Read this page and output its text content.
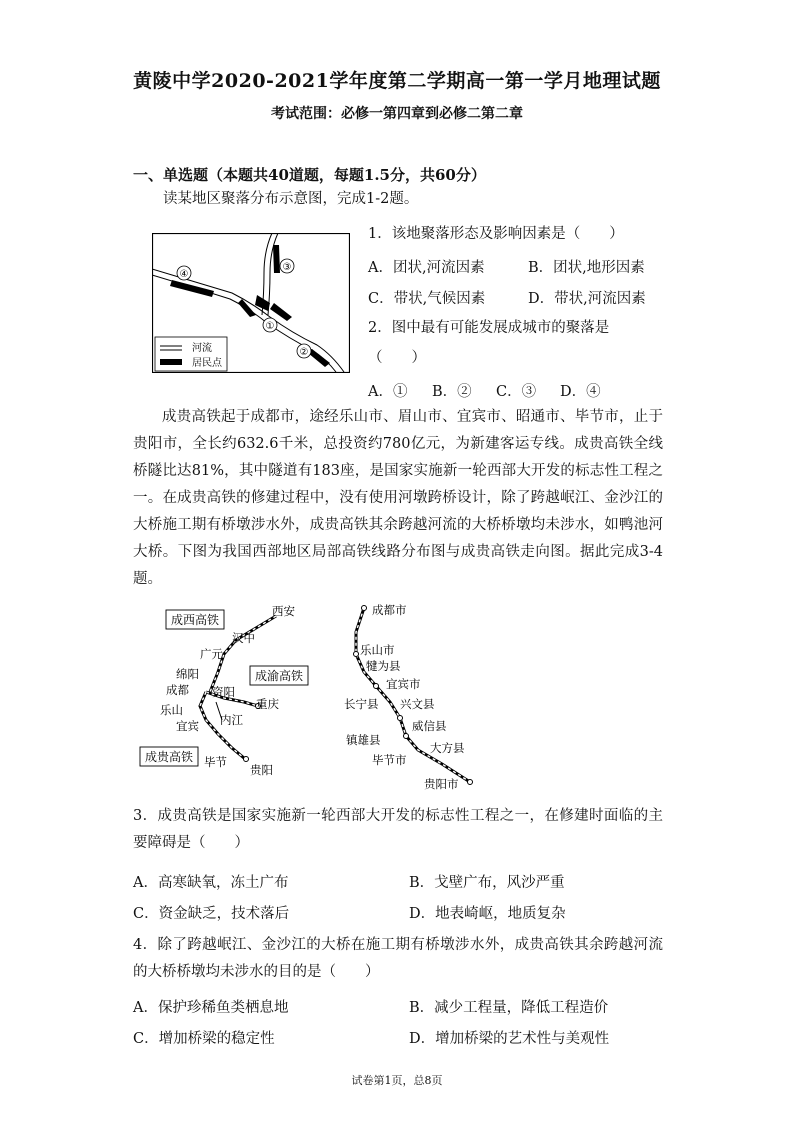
黄陵中学2020-2021学年度第二学期高一第一学月地理试题
考试范围：必修一第四章到必修二第二章
一、单选题（本题共40道题，每题1.5分，共60分）
读某地区聚落分布示意图，完成1-2题。
④
①
②
③
河流
居民点
1．该地聚落形态及影响因素是（　　）
A．团状,河流因素	B．团状,地形因素
C．带状,气候因素	D．带状,河流因素
2．图中最有可能发展成城市的聚落是
（　　）
A．① B．② C．③ D．④
成贵高铁起于成都市，途经乐山市、眉山市、宜宾市、昭通市、毕节市，止于贵阳市，全长约632.6千米，总投资约780亿元，为新建客运专线。成贵高铁全线桥隧比达81%，其中隧道有183座，是国家实施新一轮西部大开发的标志性工程之一。在成贵高铁的修建过程中，没有使用河墩跨桥设计，除了跨越岷江、金沙江的大桥施工期有桥墩涉水外，成贵高铁其余跨越河流的大桥桥墩均未涉水，如鸭池河大桥。下图为我国西部地区局部高铁线路分布图与成贵高铁走向图。据此完成3-4题。
成西高铁
成渝高铁
成贵高铁
西安
汉中
广元
绵阳
成都 资阳
重庆
乐山
内江
宜宾
毕节
贵阳
成都市
乐山市
犍为县
宜宾市
长宁县 兴文县
威信县
镇雄县
大方县
毕节市
贵阳市
3．成贵高铁是国家实施新一轮西部大开发的标志性工程之一，在修建时面临的主要障碍是（　　）
A．高寒缺氧，冻土广布	B．戈壁广布，风沙严重
C．资金缺乏，技术落后	D．地表崎岖，地质复杂
4．除了跨越岷江、金沙江的大桥在施工期有桥墩涉水外，成贵高铁其余跨越河流的大桥桥墩均未涉水的目的是（　　）
A．保护珍稀鱼类栖息地	B．减少工程量，降低工程造价
C．增加桥梁的稳定性	D．增加桥梁的艺术性与美观性
试卷第1页，总8页
